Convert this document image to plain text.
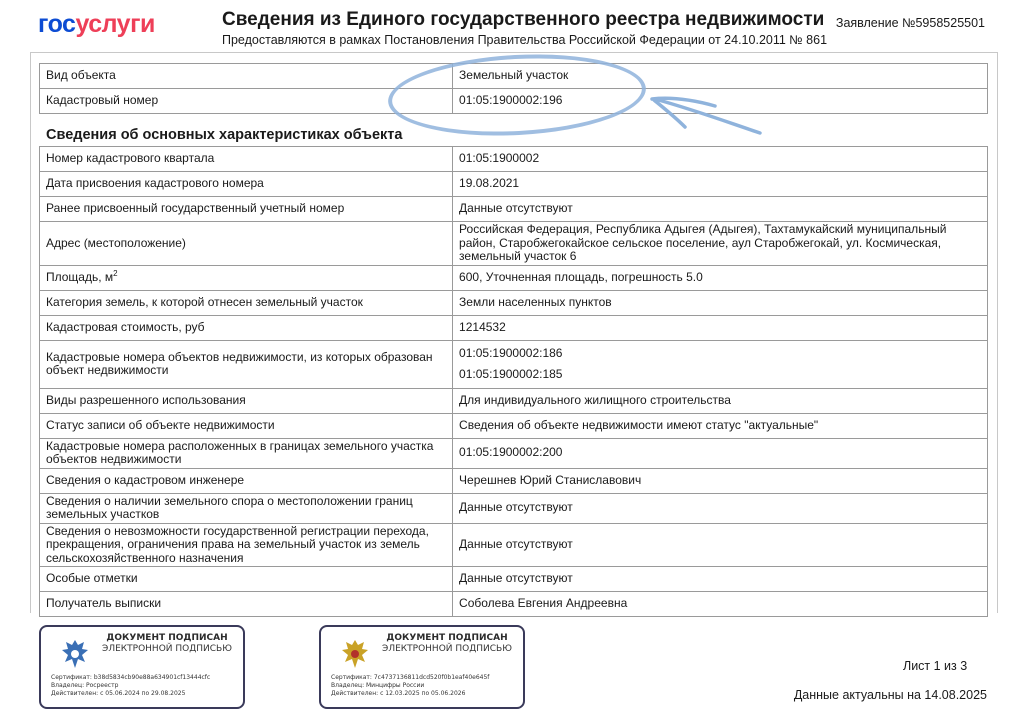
госуслуги	Сведения из Единого государственного реестра недвижимости
Предоставляются в рамках Постановления Правительства Российской Федерации от 24.10.2011 № 861
Заявление №5958525501
Вид объекта	Земельный участок
Кадастровый номер	01:05:1900002:196
Сведения об основных характеристиках объекта
Номер кадастрового квартала	01:05:1900002
Дата присвоения кадастрового номера	19.08.2021
Ранее присвоенный государственный учетный номер	Данные отсутствуют
Адрес (местоположение)	Российская Федерация, Республика Адыгея (Адыгея), Тахтамукайский муниципальный район, Старобжегокайское сельское поселение, аул Старобжегокай, ул. Космическая, земельный участок 6
Площадь, $м^2$	600, Уточненная площадь, погрешность 5.0
Категория земель, к которой отнесен земельный участок	Земли населенных пунктов
Кадастровая стоимость, руб	1214532
Кадастровые номера объектов недвижимости, из которых образован объект недвижимости	01:05:1900002:186
01:05:1900002:185

Виды разрешенного использования	Для индивидуального жилищного строительства
Статус записи об объекте недвижимости	Сведения об объекте недвижимости имеют статус "актуальные"
Кадастровые номера расположенных в границах земельного участка объектов недвижимости	01:05:1900002:200
Сведения о кадастровом инженере	Черешнев Юрий Станиславович
Сведения о наличии земельного спора о местоположении границ земельных участков	Данные отсутствуют
Сведения о невозможности государственной регистрации перехода, прекращения, ограничения права на земельный участок из земель сельскохозяйственного назначения	Данные отсутствуют
Особые отметки	Данные отсутствуют
Получатель выписки	Соболева Евгения Андреевна
ДОКУМЕНТ ПОДПИСАН
ЭЛЕКТРОННОЙ ПОДПИСЬЮ
Сертификат: b38d5834cb90e88a634901cf13444cfc
Владелец: Росреестр
Действителен: с 05.06.2024 по 29.08.2025
ДОКУМЕНТ ПОДПИСАН
ЭЛЕКТРОННОЙ ПОДПИСЬЮ
Сертификат: 7c4737136811dcd520f0b1eaf40e645f
Владелец: Минцифры России
Действителен: с 12.03.2025 по 05.06.2026
Лист 1 из 3
Данные актуальны на 14.08.2025
